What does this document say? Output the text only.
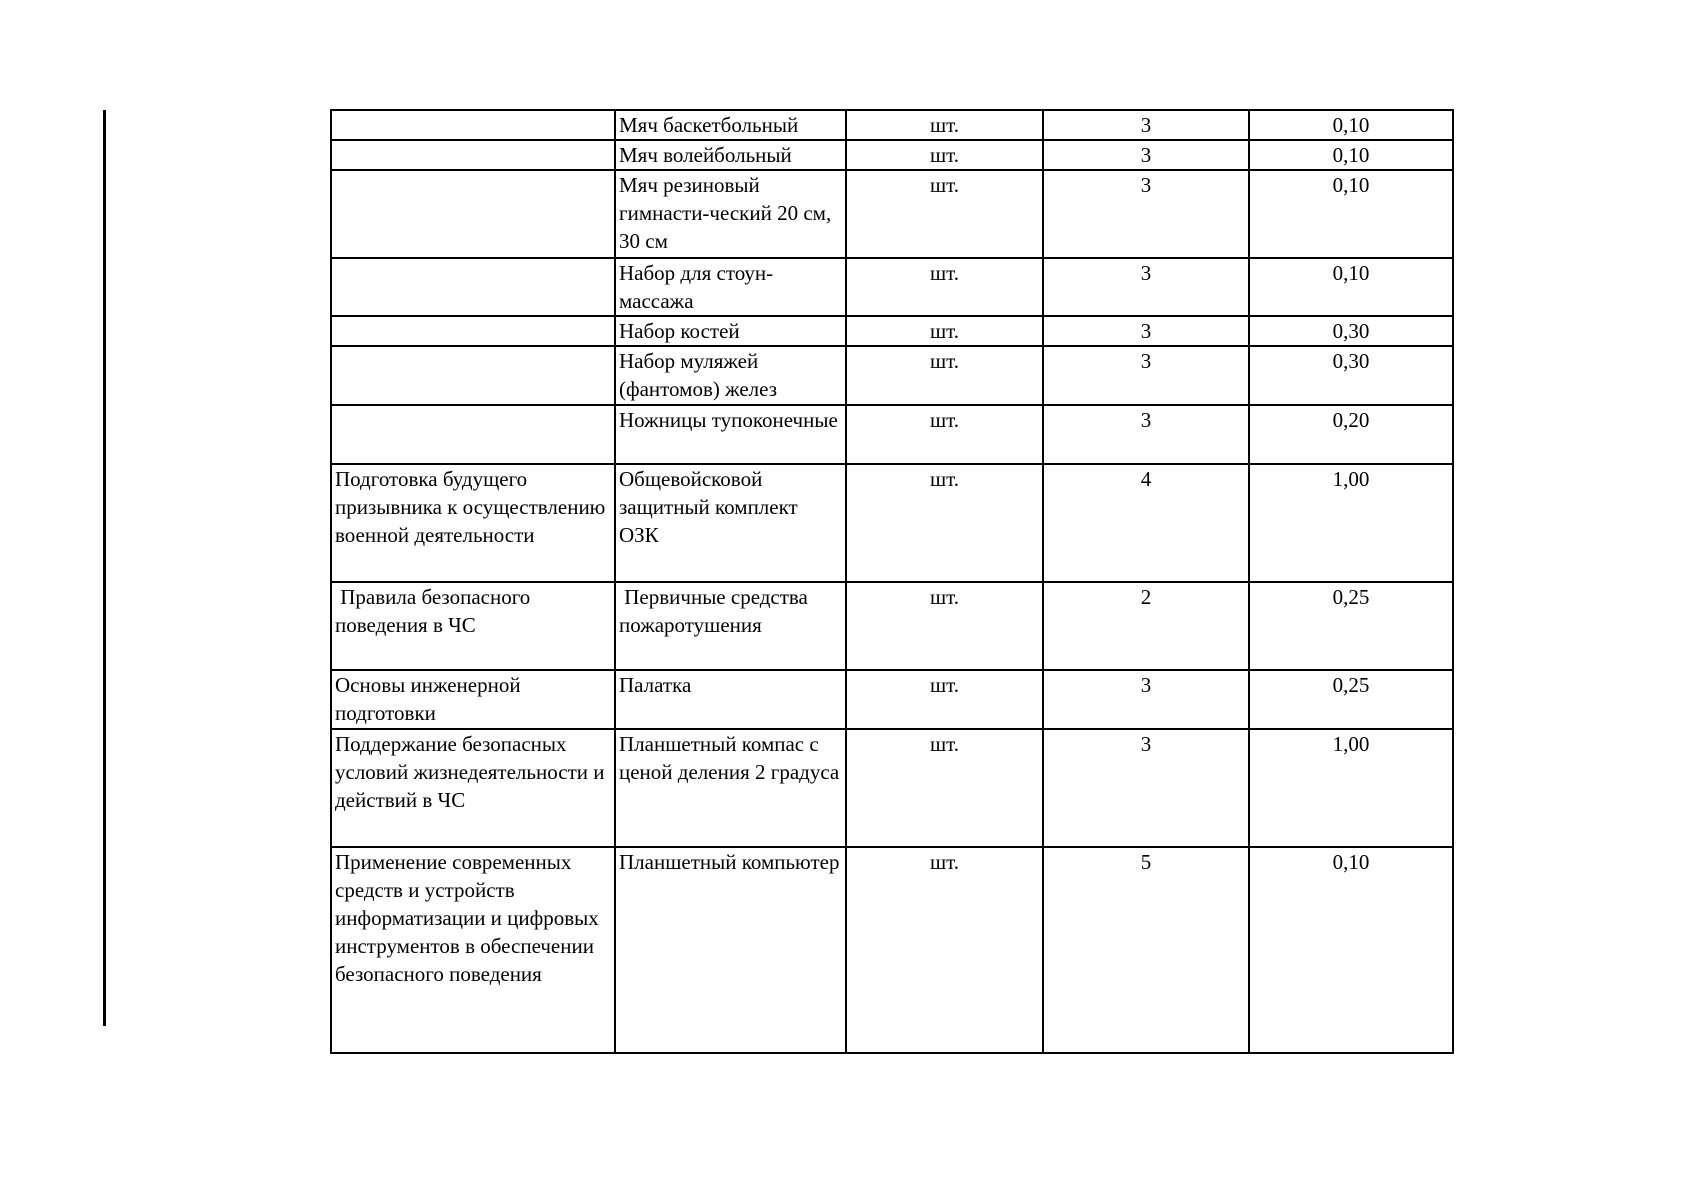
	Мяч баскетбольный	шт.	3	0,10
	Мяч волейбольный	шт.	3	0,10
	Мяч резиновый гимнасти-ческий 20 см, 30 см	шт.	3	0,10
	Набор для стоун-массажа	шт.	3	0,10
	Набор костей	шт.	3	0,30
	Набор муляжей (фантомов) желез	шт.	3	0,30
	Ножницы тупоконечные	шт.	3	0,20
Подготовка будущего призывника к осуществлению военной деятельности	Общевойсковой защитный комплект ОЗК	шт.	4	1,00
Правила безопасного поведения в ЧС	Первичные средства пожаротушения	шт.	2	0,25
Основы инженерной подготовки	Палатка	шт.	3	0,25
Поддержание безопасных условий жизнедеятельности и действий в ЧС	Планшетный компас с ценой деления 2 градуса	шт.	3	1,00
Применение современных средств и устройств информатизации и цифровых инструментов в обеспечении безопасного поведения	Планшетный компьютер	шт.	5	0,10
